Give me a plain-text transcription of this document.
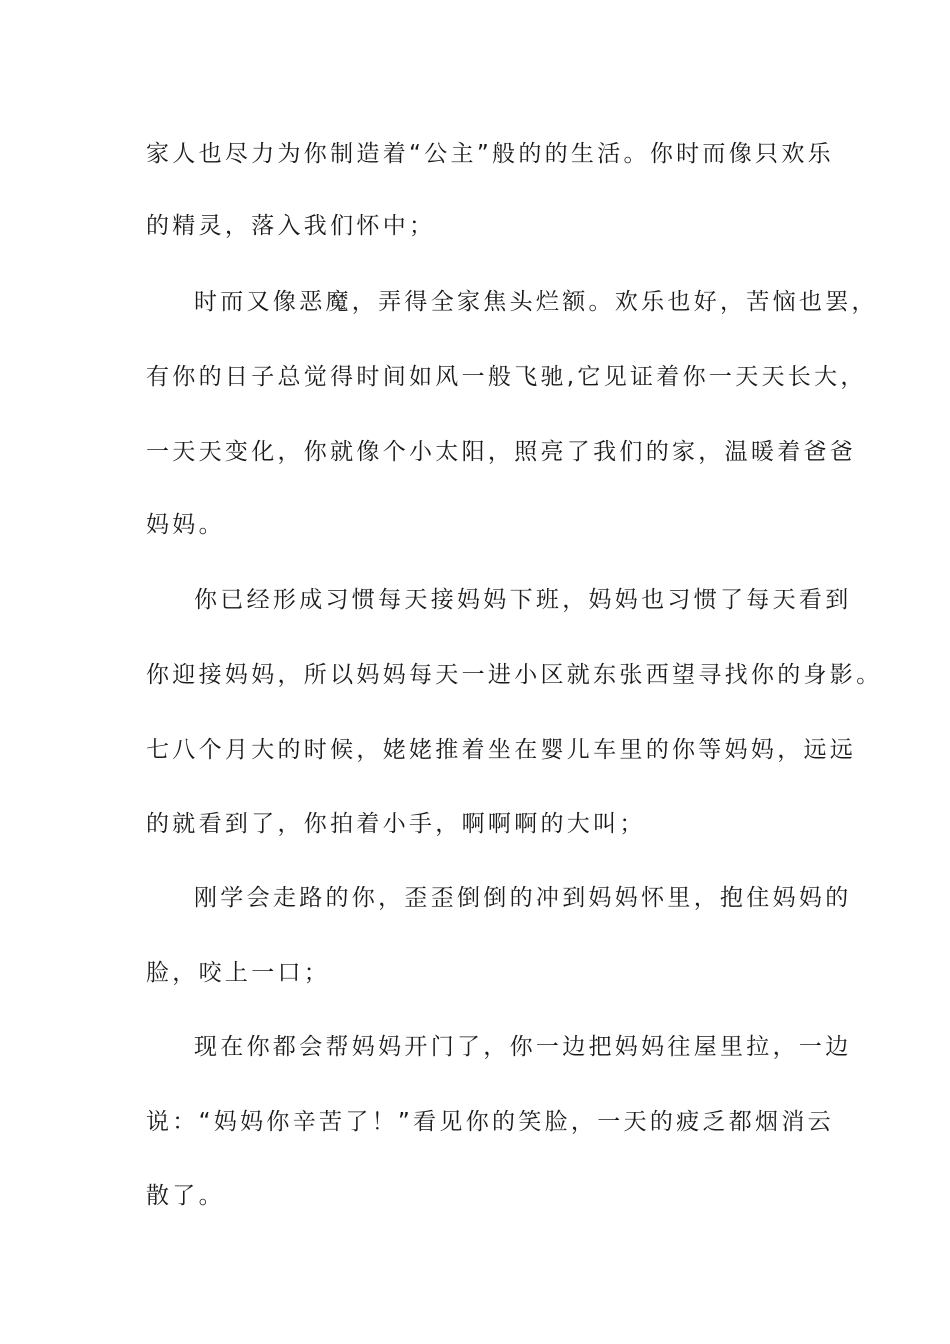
家人也尽力为你制造着“公主”般的的生活。你时而像只欢乐
的精灵，落入我们怀中；
时而又像恶魔，弄得全家焦头烂额。欢乐也好，苦恼也罢，
有你的日子总觉得时间如风一般飞驰,它见证着你一天天长大，
一天天变化，你就像个小太阳，照亮了我们的家，温暖着爸爸
妈妈。
你已经形成习惯每天接妈妈下班，妈妈也习惯了每天看到
你迎接妈妈，所以妈妈每天一进小区就东张西望寻找你的身影。
七八个月大的时候，姥姥推着坐在婴儿车里的你等妈妈，远远
的就看到了，你拍着小手，啊啊啊的大叫；
刚学会走路的你，歪歪倒倒的冲到妈妈怀里，抱住妈妈的
脸，咬上一口；
现在你都会帮妈妈开门了，你一边把妈妈往屋里拉，一边
说：“妈妈你辛苦了！”看见你的笑脸，一天的疲乏都烟消云
散了。
